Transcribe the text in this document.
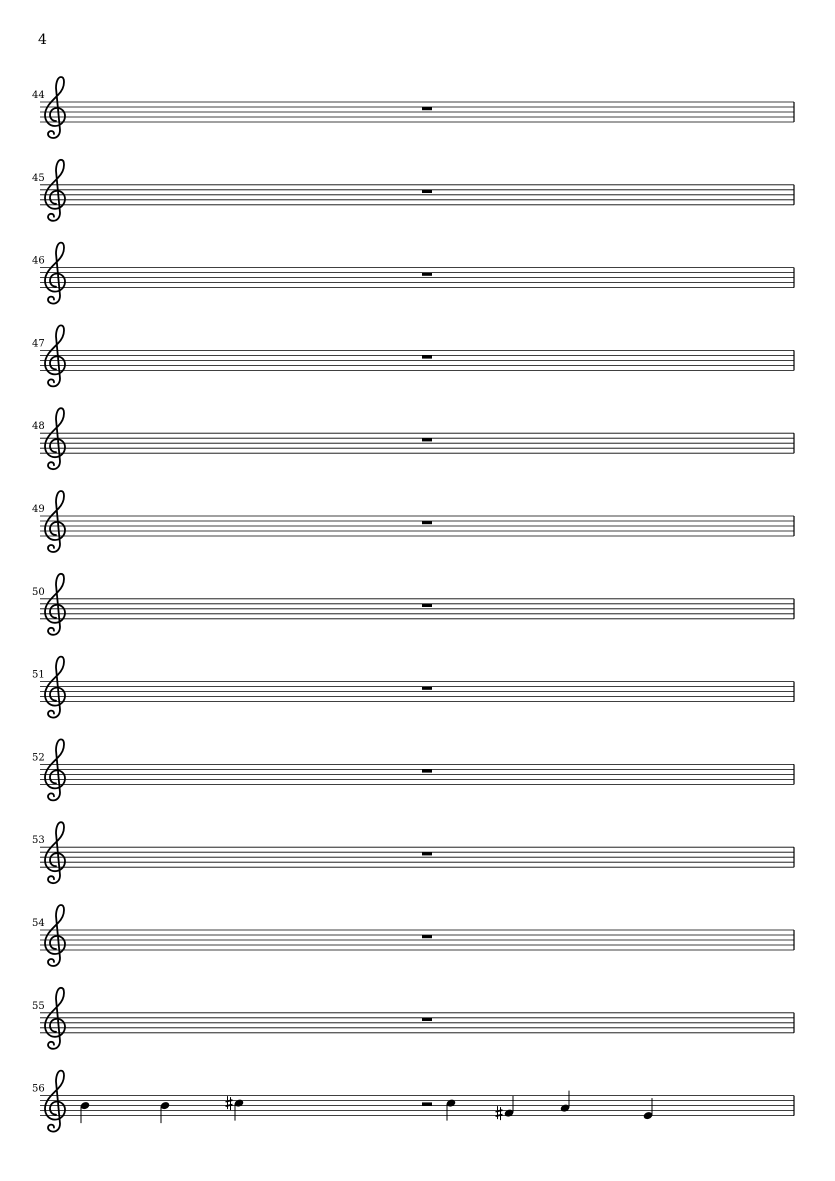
4
44
45
46
47
48
49
50
51
52
53
54
55
56
